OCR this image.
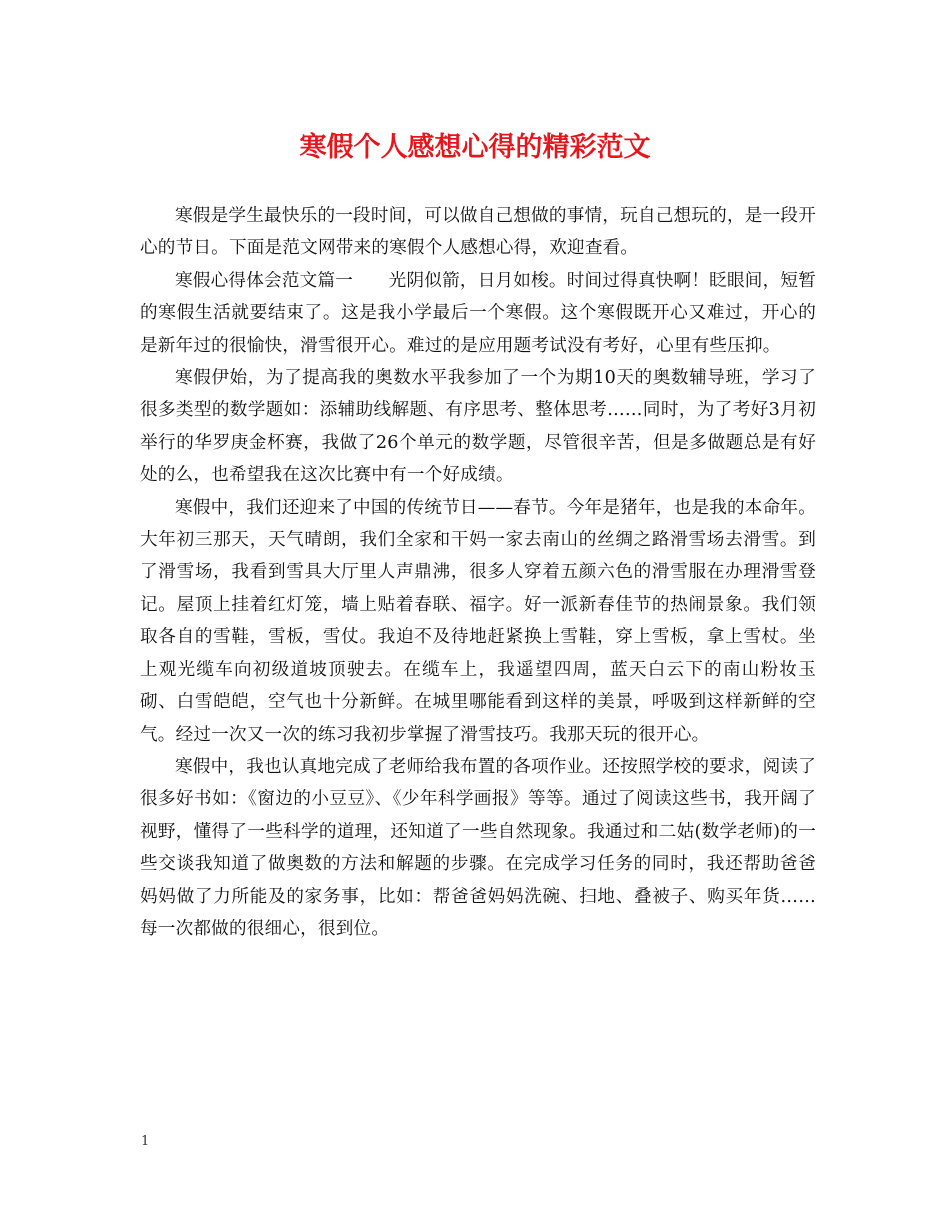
寒假个人感想心得的精彩范文

寒假是学生最快乐的一段时间，可以做自己想做的事情，玩自己想玩的，是一段开心的节日。下面是范文网带来的寒假个人感想心得，欢迎查看。

寒假心得体会范文篇一　　光阴似箭，日月如梭。时间过得真快啊！眨眼间，短暂的寒假生活就要结束了。这是我小学最后一个寒假。这个寒假既开心又难过，开心的是新年过的很愉快，滑雪很开心。难过的是应用题考试没有考好，心里有些压抑。

寒假伊始，为了提高我的奥数水平我参加了一个为期10天的奥数辅导班，学习了很多类型的数学题如：添辅助线解题、有序思考、整体思考……同时，为了考好3月初举行的华罗庚金杯赛，我做了26个单元的数学题，尽管很辛苦，但是多做题总是有好处的么，也希望我在这次比赛中有一个好成绩。

寒假中，我们还迎来了中国的传统节日——春节。今年是猪年，也是我的本命年。大年初三那天，天气晴朗，我们全家和干妈一家去南山的丝绸之路滑雪场去滑雪。到了滑雪场，我看到雪具大厅里人声鼎沸，很多人穿着五颜六色的滑雪服在办理滑雪登记。屋顶上挂着红灯笼，墙上贴着春联、福字。好一派新春佳节的热闹景象。我们领取各自的雪鞋，雪板，雪仗。我迫不及待地赶紧换上雪鞋，穿上雪板，拿上雪杖。坐上观光缆车向初级道坡顶驶去。在缆车上，我遥望四周，蓝天白云下的南山粉妆玉砌、白雪皑皑，空气也十分新鲜。在城里哪能看到这样的美景，呼吸到这样新鲜的空气。经过一次又一次的练习我初步掌握了滑雪技巧。我那天玩的很开心。

寒假中，我也认真地完成了老师给我布置的各项作业。还按照学校的要求，阅读了很多好书如：《窗边的小豆豆》、《少年科学画报》等等。通过了阅读这些书，我开阔了视野，懂得了一些科学的道理，还知道了一些自然现象。我通过和二姑(数学老师)的一些交谈我知道了做奥数的方法和解题的步骤。在完成学习任务的同时，我还帮助爸爸妈妈做了力所能及的家务事，比如：帮爸爸妈妈洗碗、扫地、叠被子、购买年货……每一次都做的很细心，很到位。

1
